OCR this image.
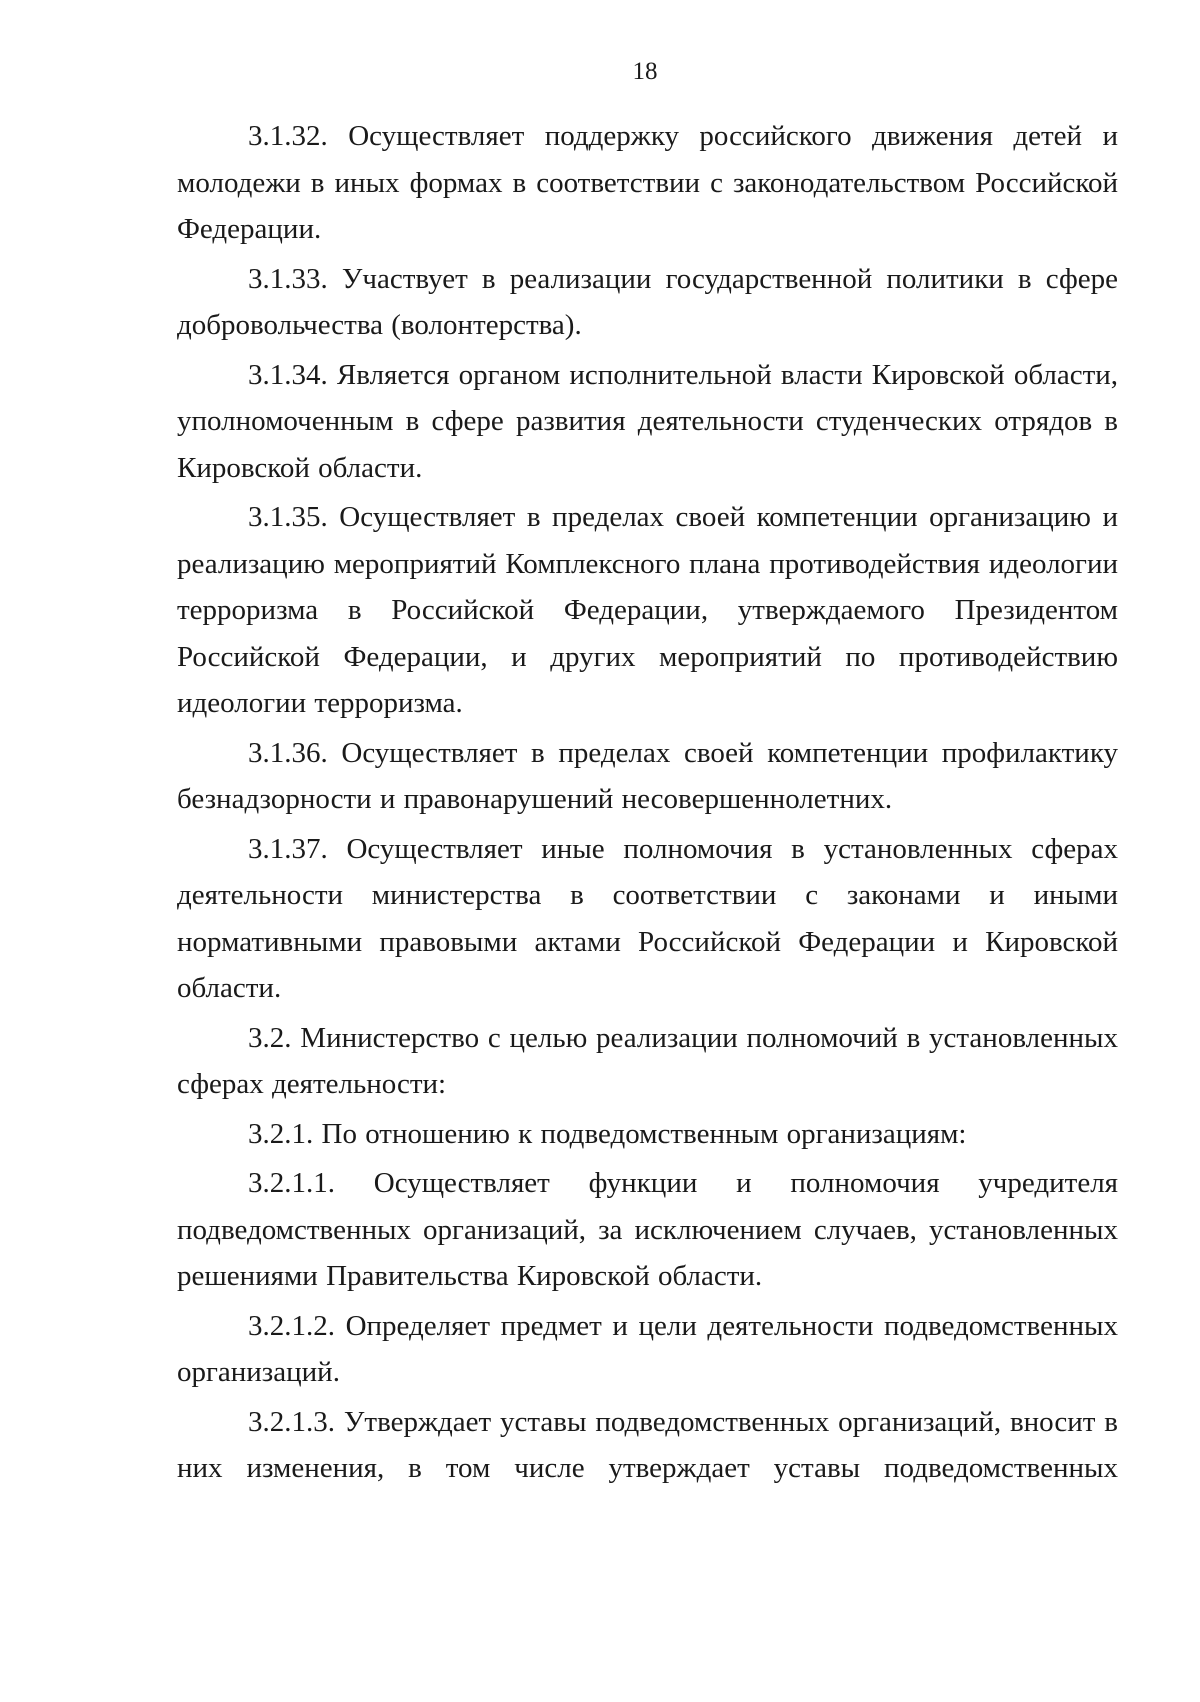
18

3.1.32. Осуществляет поддержку российского движения детей и молодежи в иных формах в соответствии с законодательством Российской Федерации.

3.1.33. Участвует в реализации государственной политики в сфере добровольчества (волонтерства).

3.1.34. Является органом исполнительной власти Кировской области, уполномоченным в сфере развития деятельности студенческих отрядов в Кировской области.

3.1.35. Осуществляет в пределах своей компетенции организацию и реализацию мероприятий Комплексного плана противодействия идеологии терроризма в Российской Федерации, утверждаемого Президентом Российской Федерации, и других мероприятий по противодействию идеологии терроризма.

3.1.36. Осуществляет в пределах своей компетенции профилактику безнадзорности и правонарушений несовершеннолетних.

3.1.37. Осуществляет иные полномочия в установленных сферах деятельности министерства в соответствии с законами и иными нормативными правовыми актами Российской Федерации и Кировской области.

3.2. Министерство с целью реализации полномочий в установленных сферах деятельности:

3.2.1. По отношению к подведомственным организациям:

3.2.1.1. Осуществляет функции и полномочия учредителя подведомственных организаций, за исключением случаев, установленных решениями Правительства Кировской области.

3.2.1.2. Определяет предмет и цели деятельности подведомственных организаций.

3.2.1.3. Утверждает уставы подведомственных организаций, вносит в них изменения, в том числе утверждает уставы подведомственных
